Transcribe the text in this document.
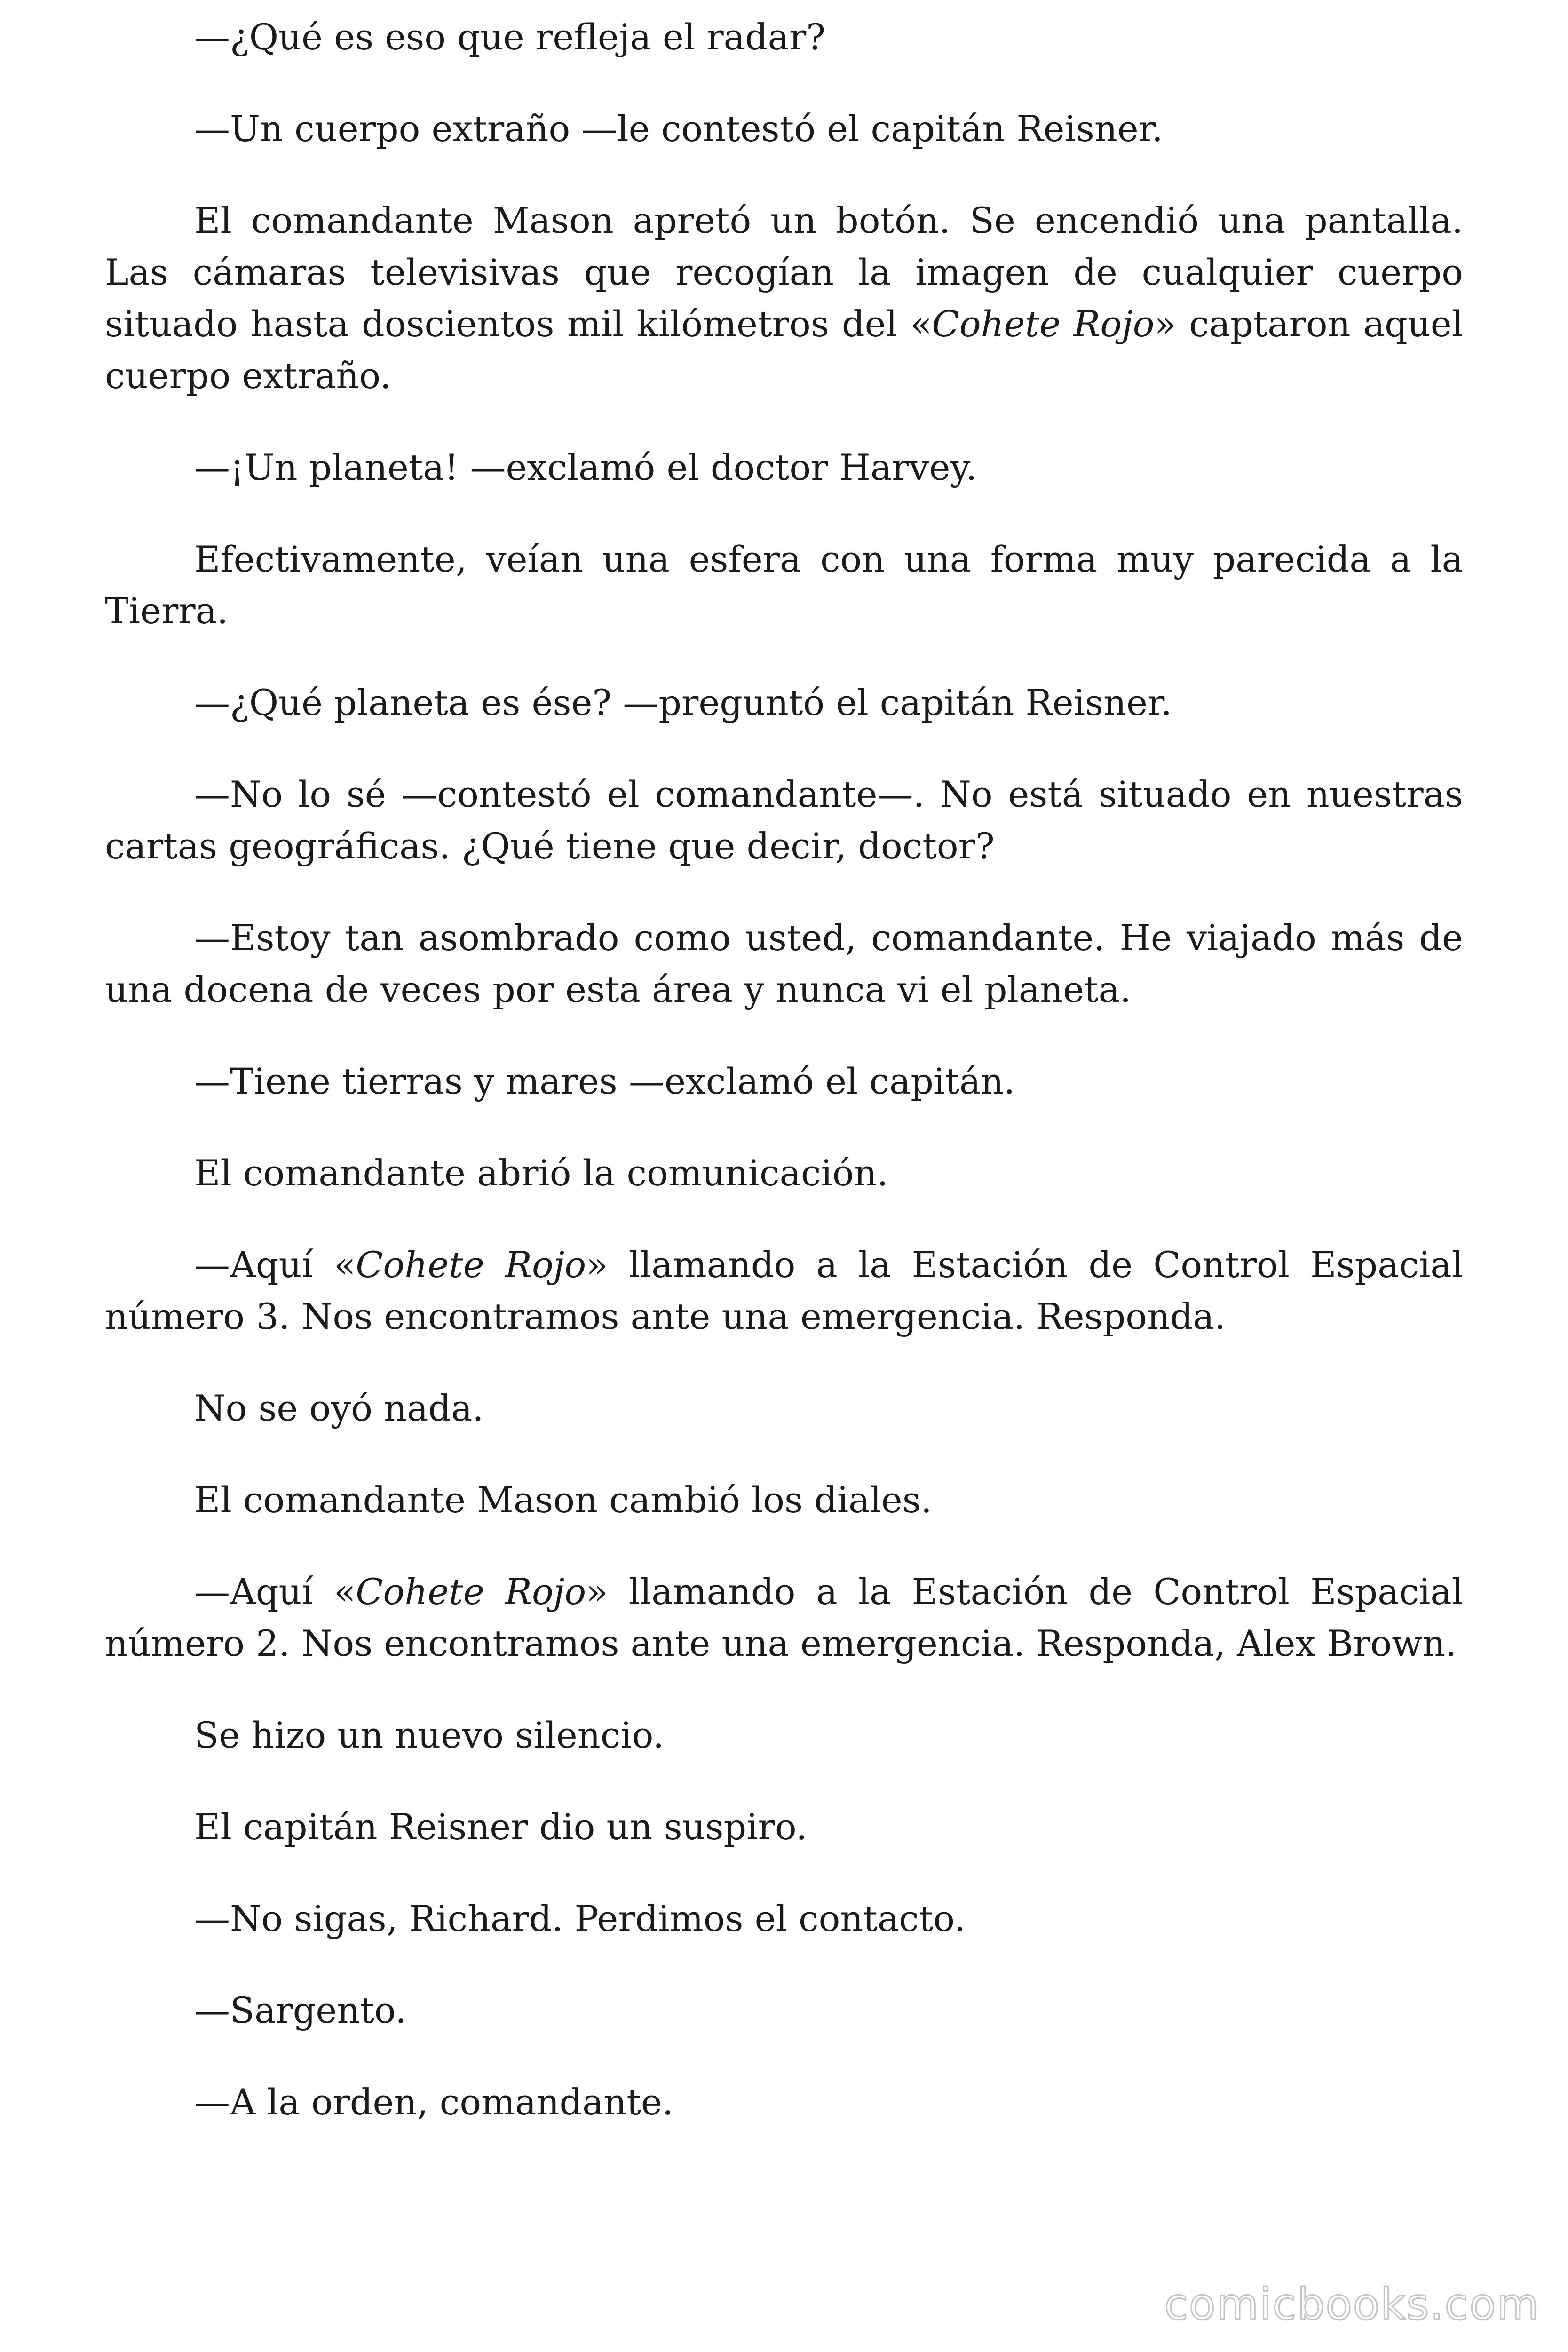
—¿Qué es eso que refleja el radar?

—Un cuerpo extraño —le contestó el capitán Reisner.

El comandante Mason apretó un botón. Se encendió una pantalla. Las cámaras televisivas que recogían la imagen de cualquier cuerpo situado hasta doscientos mil kilómetros del «Cohete Rojo» captaron aquel cuerpo extraño.

—¡Un planeta! —exclamó el doctor Harvey.

Efectivamente, veían una esfera con una forma muy parecida a la Tierra.

—¿Qué planeta es ése? —preguntó el capitán Reisner.

—No lo sé —contestó el comandante—. No está situado en nuestras cartas geográficas. ¿Qué tiene que decir, doctor?

—Estoy tan asombrado como usted, comandante. He viajado más de una docena de veces por esta área y nunca vi el planeta.

—Tiene tierras y mares —exclamó el capitán.

El comandante abrió la comunicación.

—Aquí «Cohete Rojo» llamando a la Estación de Control Espacial número 3. Nos encontramos ante una emergencia. Responda.

No se oyó nada.

El comandante Mason cambió los diales.

—Aquí «Cohete Rojo» llamando a la Estación de Control Espacial número 2. Nos encontramos ante una emergencia. Responda, Alex Brown.

Se hizo un nuevo silencio.

El capitán Reisner dio un suspiro.

—No sigas, Richard. Perdimos el contacto.

—Sargento.

—A la orden, comandante.

comicbooks.com
